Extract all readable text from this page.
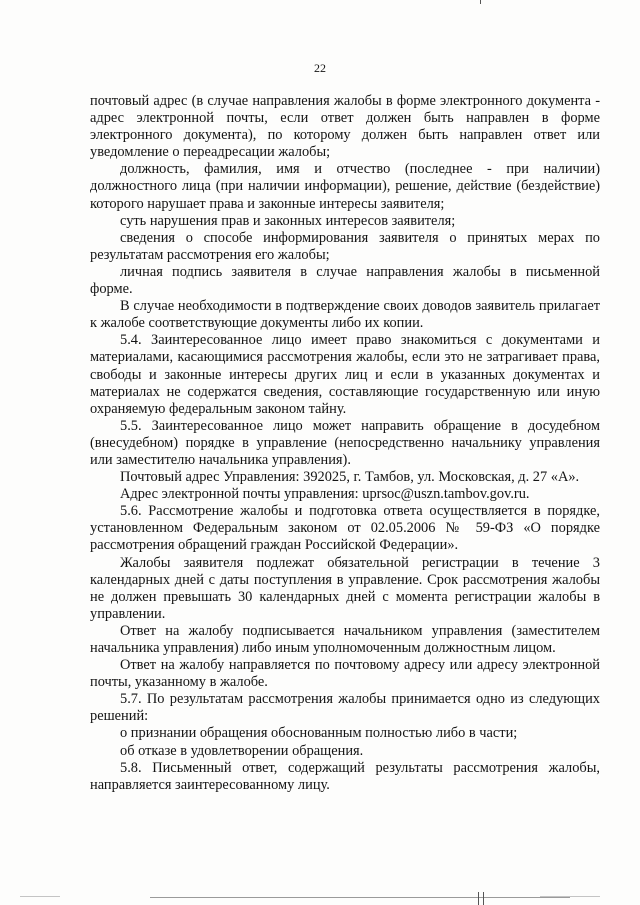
22

почтовый адрес (в случае направления жалобы в форме электронного документа - адрес электронной почты, если ответ должен быть направлен в форме электронного документа), по которому должен быть направлен ответ или уведомление о переадресации жалобы;

должность, фамилия, имя и отчество (последнее - при наличии) должностного лица (при наличии информации), решение, действие (бездействие) которого нарушает права и законные интересы заявителя;

суть нарушения прав и законных интересов заявителя;

сведения о способе информирования заявителя о принятых мерах по результатам рассмотрения его жалобы;

личная подпись заявителя в случае направления жалобы в письменной форме.

В случае необходимости в подтверждение своих доводов заявитель прилагает к жалобе соответствующие документы либо их копии.

5.4. Заинтересованное лицо имеет право знакомиться с документами и материалами, касающимися рассмотрения жалобы, если это не затрагивает права, свободы и законные интересы других лиц и если в указанных документах и материалах не содержатся сведения, составляющие государственную или иную охраняемую федеральным законом тайну.

5.5. Заинтересованное лицо может направить обращение в досудебном (внесудебном) порядке в управление (непосредственно начальнику управления или заместителю начальника управления).

Почтовый адрес Управления: 392025, г. Тамбов, ул. Московская, д. 27 «А».

Адрес электронной почты управления: uprsoc@uszn.tambov.gov.ru.

5.6. Рассмотрение жалобы и подготовка ответа осуществляется в порядке, установленном Федеральным законом от 02.05.2006 № 59-ФЗ «О порядке рассмотрения обращений граждан Российской Федерации».

Жалобы заявителя подлежат обязательной регистрации в течение 3 календарных дней с даты поступления в управление. Срок рассмотрения жалобы не должен превышать 30 календарных дней с момента регистрации жалобы в управлении.

Ответ на жалобу подписывается начальником управления (заместителем начальника управления) либо иным уполномоченным должностным лицом.

Ответ на жалобу направляется по почтовому адресу или адресу электронной почты, указанному в жалобе.

5.7. По результатам рассмотрения жалобы принимается одно из следующих решений:

о признании обращения обоснованным полностью либо в части;

об отказе в удовлетворении обращения.

5.8. Письменный ответ, содержащий результаты рассмотрения жалобы, направляется заинтересованному лицу.
